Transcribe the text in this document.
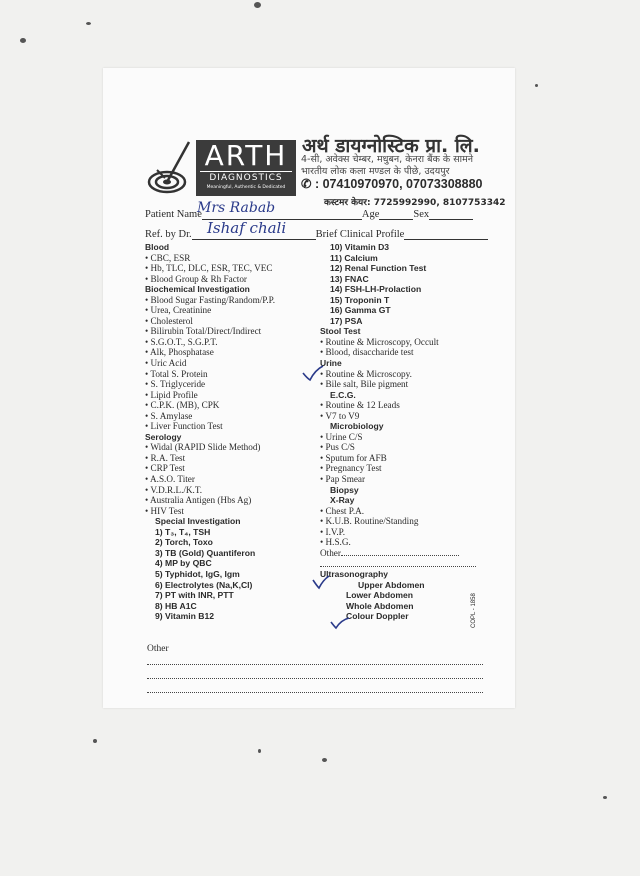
ARTH
DIAGNOSTICS
Meaningful, Authentic & Dedicated
अर्थ डायग्नोस्टिक प्रा. लि.
4-सी, अवेक्स चेम्बर, मधुबन, केनरा बैंक के सामने
भारतीय लोक कला मण्डल के पीछे, उदयपुर
✆ : 07410970970, 07073308880
कस्टमर केयर: 7725992990, 8107753342
Patient Name	Age	Sex
Mrs Rabab
Ref. by Dr.	Brief Clinical Profile
Ishaf chali
Blood
• CBC, ESR
• Hb, TLC, DLC, ESR, TEC, VEC
• Blood Group & Rh Factor
Biochemical Investigation
• Blood Sugar Fasting/Random/P.P.
• Urea, Creatinine
• Cholesterol
• Bilirubin Total/Direct/Indirect
• S.G.O.T., S.G.P.T.
• Alk, Phosphatase
• Uric Acid
• Total S. Protein
• S. Triglyceride
• Lipid Profile
• C.P.K. (MB), CPK
• S. Amylase
• Liver Function Test
Serology
• Widal (RAPID Slide Method)
• R.A. Test
• CRP Test
• A.S.O. Titer
• V.D.R.L./K.T.
• Australia Antigen (Hbs Ag)
• HIV Test
Special Investigation
1) T₃, T₄, TSH
2) Torch, Toxo
3) TB (Gold) Quantiferon
4) MP by QBC
5) Typhidot, IgG, Igm
6) Electrolytes (Na,K,Cl)
7) PT with INR, PTT
8) HB A1C
9) Vitamin B12
10) Vitamin D3
11) Calcium
12) Renal Function Test
13) FNAC
14) FSH-LH-Prolaction
15) Troponin T
16) Gamma GT
17) PSA
Stool Test
• Routine & Microscopy, Occult
• Blood, disaccharide test
Urine
• Routine & Microscopy.
• Bile salt, Bile pigment
E.C.G.
• Routine & 12 Leads
• V7 to V9
Microbiology
• Urine C/S
• Pus C/S
• Sputum for AFB
• Pregnancy Test
• Pap Smear
Biopsy
X-Ray
• Chest P.A.
• K.U.B. Routine/Standing
• I.V.P.
• H.S.G.
Other
Ultrasonography
Upper Abdomen
Lower Abdomen
Whole Abdomen
Colour Doppler	COPL - 1858
Other
